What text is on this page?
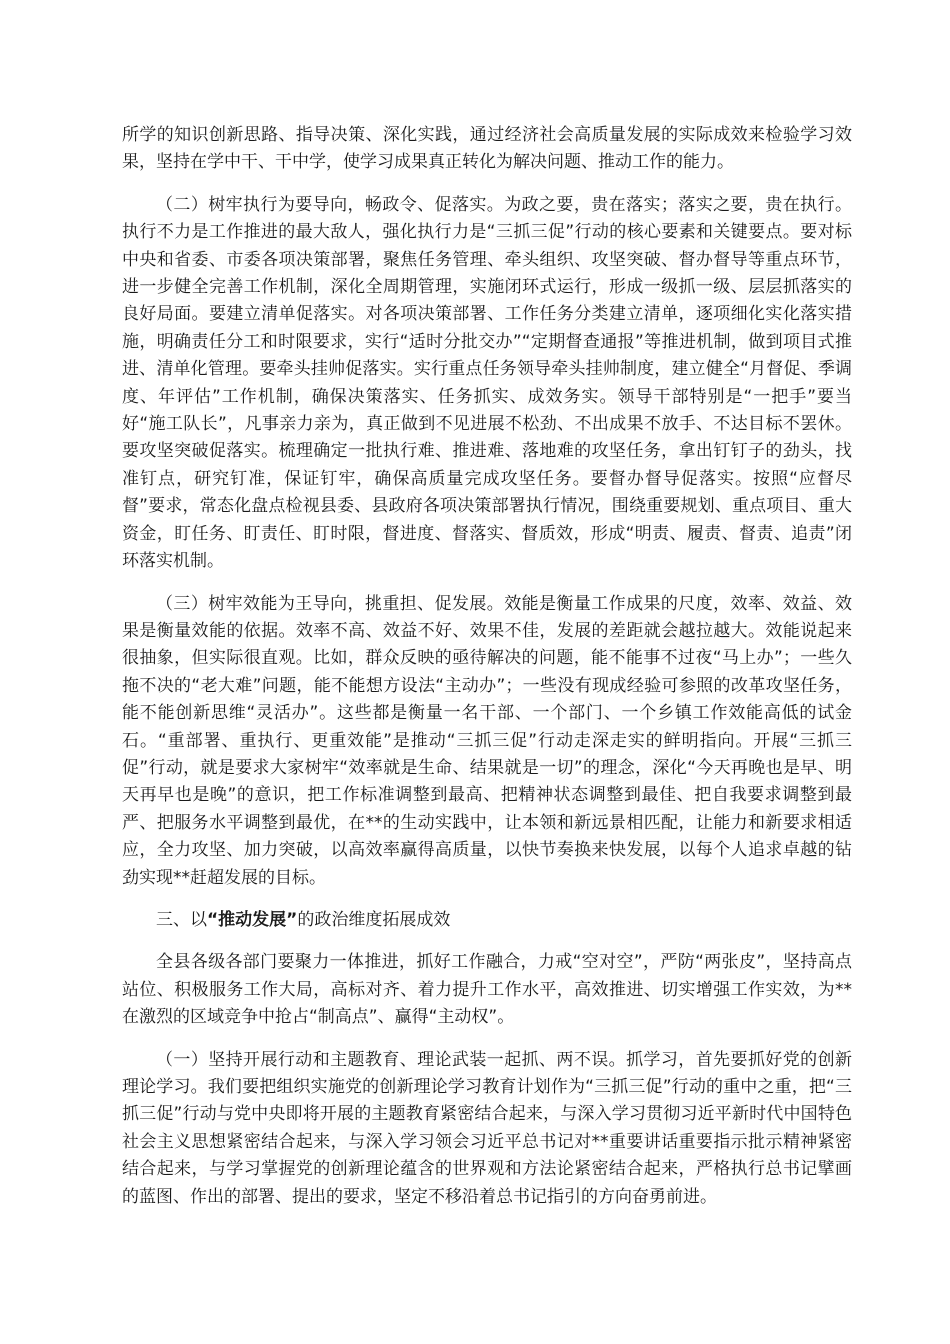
所学的知识创新思路、指导决策、深化实践，通过经济社会高质量发展的实际成效来检验学习效果，坚持在学中干、干中学，使学习成果真正转化为解决问题、推动工作的能力。

（二）树牢执行为要导向，畅政令、促落实。为政之要，贵在落实；落实之要，贵在执行。执行不力是工作推进的最大敌人，强化执行力是“三抓三促”行动的核心要素和关键要点。要对标中央和省委、市委各项决策部署，聚焦任务管理、牵头组织、攻坚突破、督办督导等重点环节，进一步健全完善工作机制，深化全周期管理，实施闭环式运行，形成一级抓一级、层层抓落实的良好局面。要建立清单促落实。对各项决策部署、工作任务分类建立清单，逐项细化实化落实措施，明确责任分工和时限要求，实行“适时分批交办”“定期督查通报”等推进机制，做到项目式推进、清单化管理。要牵头挂帅促落实。实行重点任务领导牵头挂帅制度，建立健全“月督促、季调度、年评估”工作机制，确保决策落实、任务抓实、成效务实。领导干部特别是“一把手”要当好“施工队长”，凡事亲力亲为，真正做到不见进展不松劲、不出成果不放手、不达目标不罢休。要攻坚突破促落实。梳理确定一批执行难、推进难、落地难的攻坚任务，拿出钉钉子的劲头，找准钉点，研究钉准，保证钉牢，确保高质量完成攻坚任务。要督办督导促落实。按照“应督尽督”要求，常态化盘点检视县委、县政府各项决策部署执行情况，围绕重要规划、重点项目、重大资金，盯任务、盯责任、盯时限，督进度、督落实、督质效，形成“明责、履责、督责、追责”闭环落实机制。

（三）树牢效能为王导向，挑重担、促发展。效能是衡量工作成果的尺度，效率、效益、效果是衡量效能的依据。效率不高、效益不好、效果不佳，发展的差距就会越拉越大。效能说起来很抽象，但实际很直观。比如，群众反映的亟待解决的问题，能不能事不过夜“马上办”；一些久拖不决的“老大难”问题，能不能想方设法“主动办”；一些没有现成经验可参照的改革攻坚任务，能不能创新思维“灵活办”。这些都是衡量一名干部、一个部门、一个乡镇工作效能高低的试金石。“重部署、重执行、更重效能”是推动“三抓三促”行动走深走实的鲜明指向。开展“三抓三促”行动，就是要求大家树牢“效率就是生命、结果就是一切”的理念，深化“今天再晚也是早、明天再早也是晚”的意识，把工作标准调整到最高、把精神状态调整到最佳、把自我要求调整到最严、把服务水平调整到最优，在**的生动实践中，让本领和新远景相匹配，让能力和新要求相适应，全力攻坚、加力突破，以高效率赢得高质量，以快节奏换来快发展，以每个人追求卓越的钻劲实现**赶超发展的目标。

三、以“推动发展”的政治维度拓展成效

全县各级各部门要聚力一体推进，抓好工作融合，力戒“空对空”，严防“两张皮”，坚持高点站位、积极服务工作大局，高标对齐、着力提升工作水平，高效推进、切实增强工作实效，为**在激烈的区域竞争中抢占“制高点”、赢得“主动权”。

（一）坚持开展行动和主题教育、理论武装一起抓、两不误。抓学习，首先要抓好党的创新理论学习。我们要把组织实施党的创新理论学习教育计划作为“三抓三促”行动的重中之重，把“三抓三促”行动与党中央即将开展的主题教育紧密结合起来，与深入学习贯彻习近平新时代中国特色社会主义思想紧密结合起来，与深入学习领会习近平总书记对**重要讲话重要指示批示精神紧密结合起来，与学习掌握党的创新理论蕴含的世界观和方法论紧密结合起来，严格执行总书记擘画的蓝图、作出的部署、提出的要求，坚定不移沿着总书记指引的方向奋勇前进。
